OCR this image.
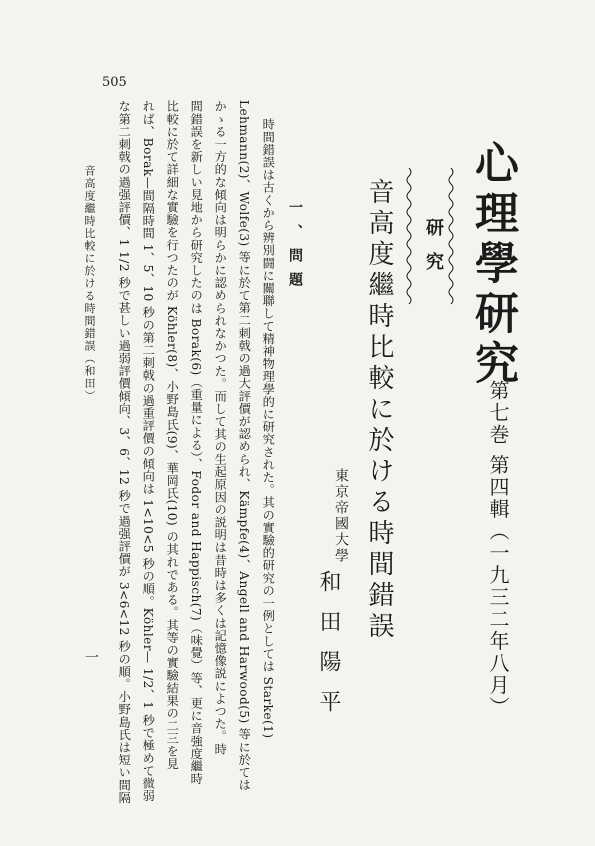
505
心理學研究
第七巻 第四輯（一九三二年八月）
研究
音高度繼時比較に於ける時間錯誤
東京帝國大學
和田陽平
一、問題
時間錯誤は古くから辨別闘に關聯して精神物理學的に研究された。其の實驗的研究の一例としては Starke(1)
Lehmann(2)、Wolfe(3) 等に於て第二刺戟の過大評價が認められ、Kämpfe(4)、Angell and Harwood(5) 等に於ては
かゝる一方的な傾向は明らかに認められなかつた。而して其の生起原因の説明は昔時は多くは記憶像説によつた。時
間錯誤を新しい見地から研究したのは Borak(6)（重量による）、Fodor and Happisch(7)（味覺）等、更に音強度繼時
比較に於て詳細な實驗を行つたのが Köhler(8)、小野島氏(9)、華岡氏(10) の其れである。其等の實驗結果の二三を見
れば、Borak—間隔時間 1、5、10 秒の第二刺戟の過重評價の傾向は 1<10<5 秒の順。Köhler— 1/2、1 秒で極めて微弱
な第二刺戟の過强評價、1 1/2 秒で甚しい過弱評價傾向、3、6、12 秒で過强評價が 3<6<12 秒の順。小野島氏は短い間隔
音高度繼時比較に於ける時間錯誤（和田）
一
